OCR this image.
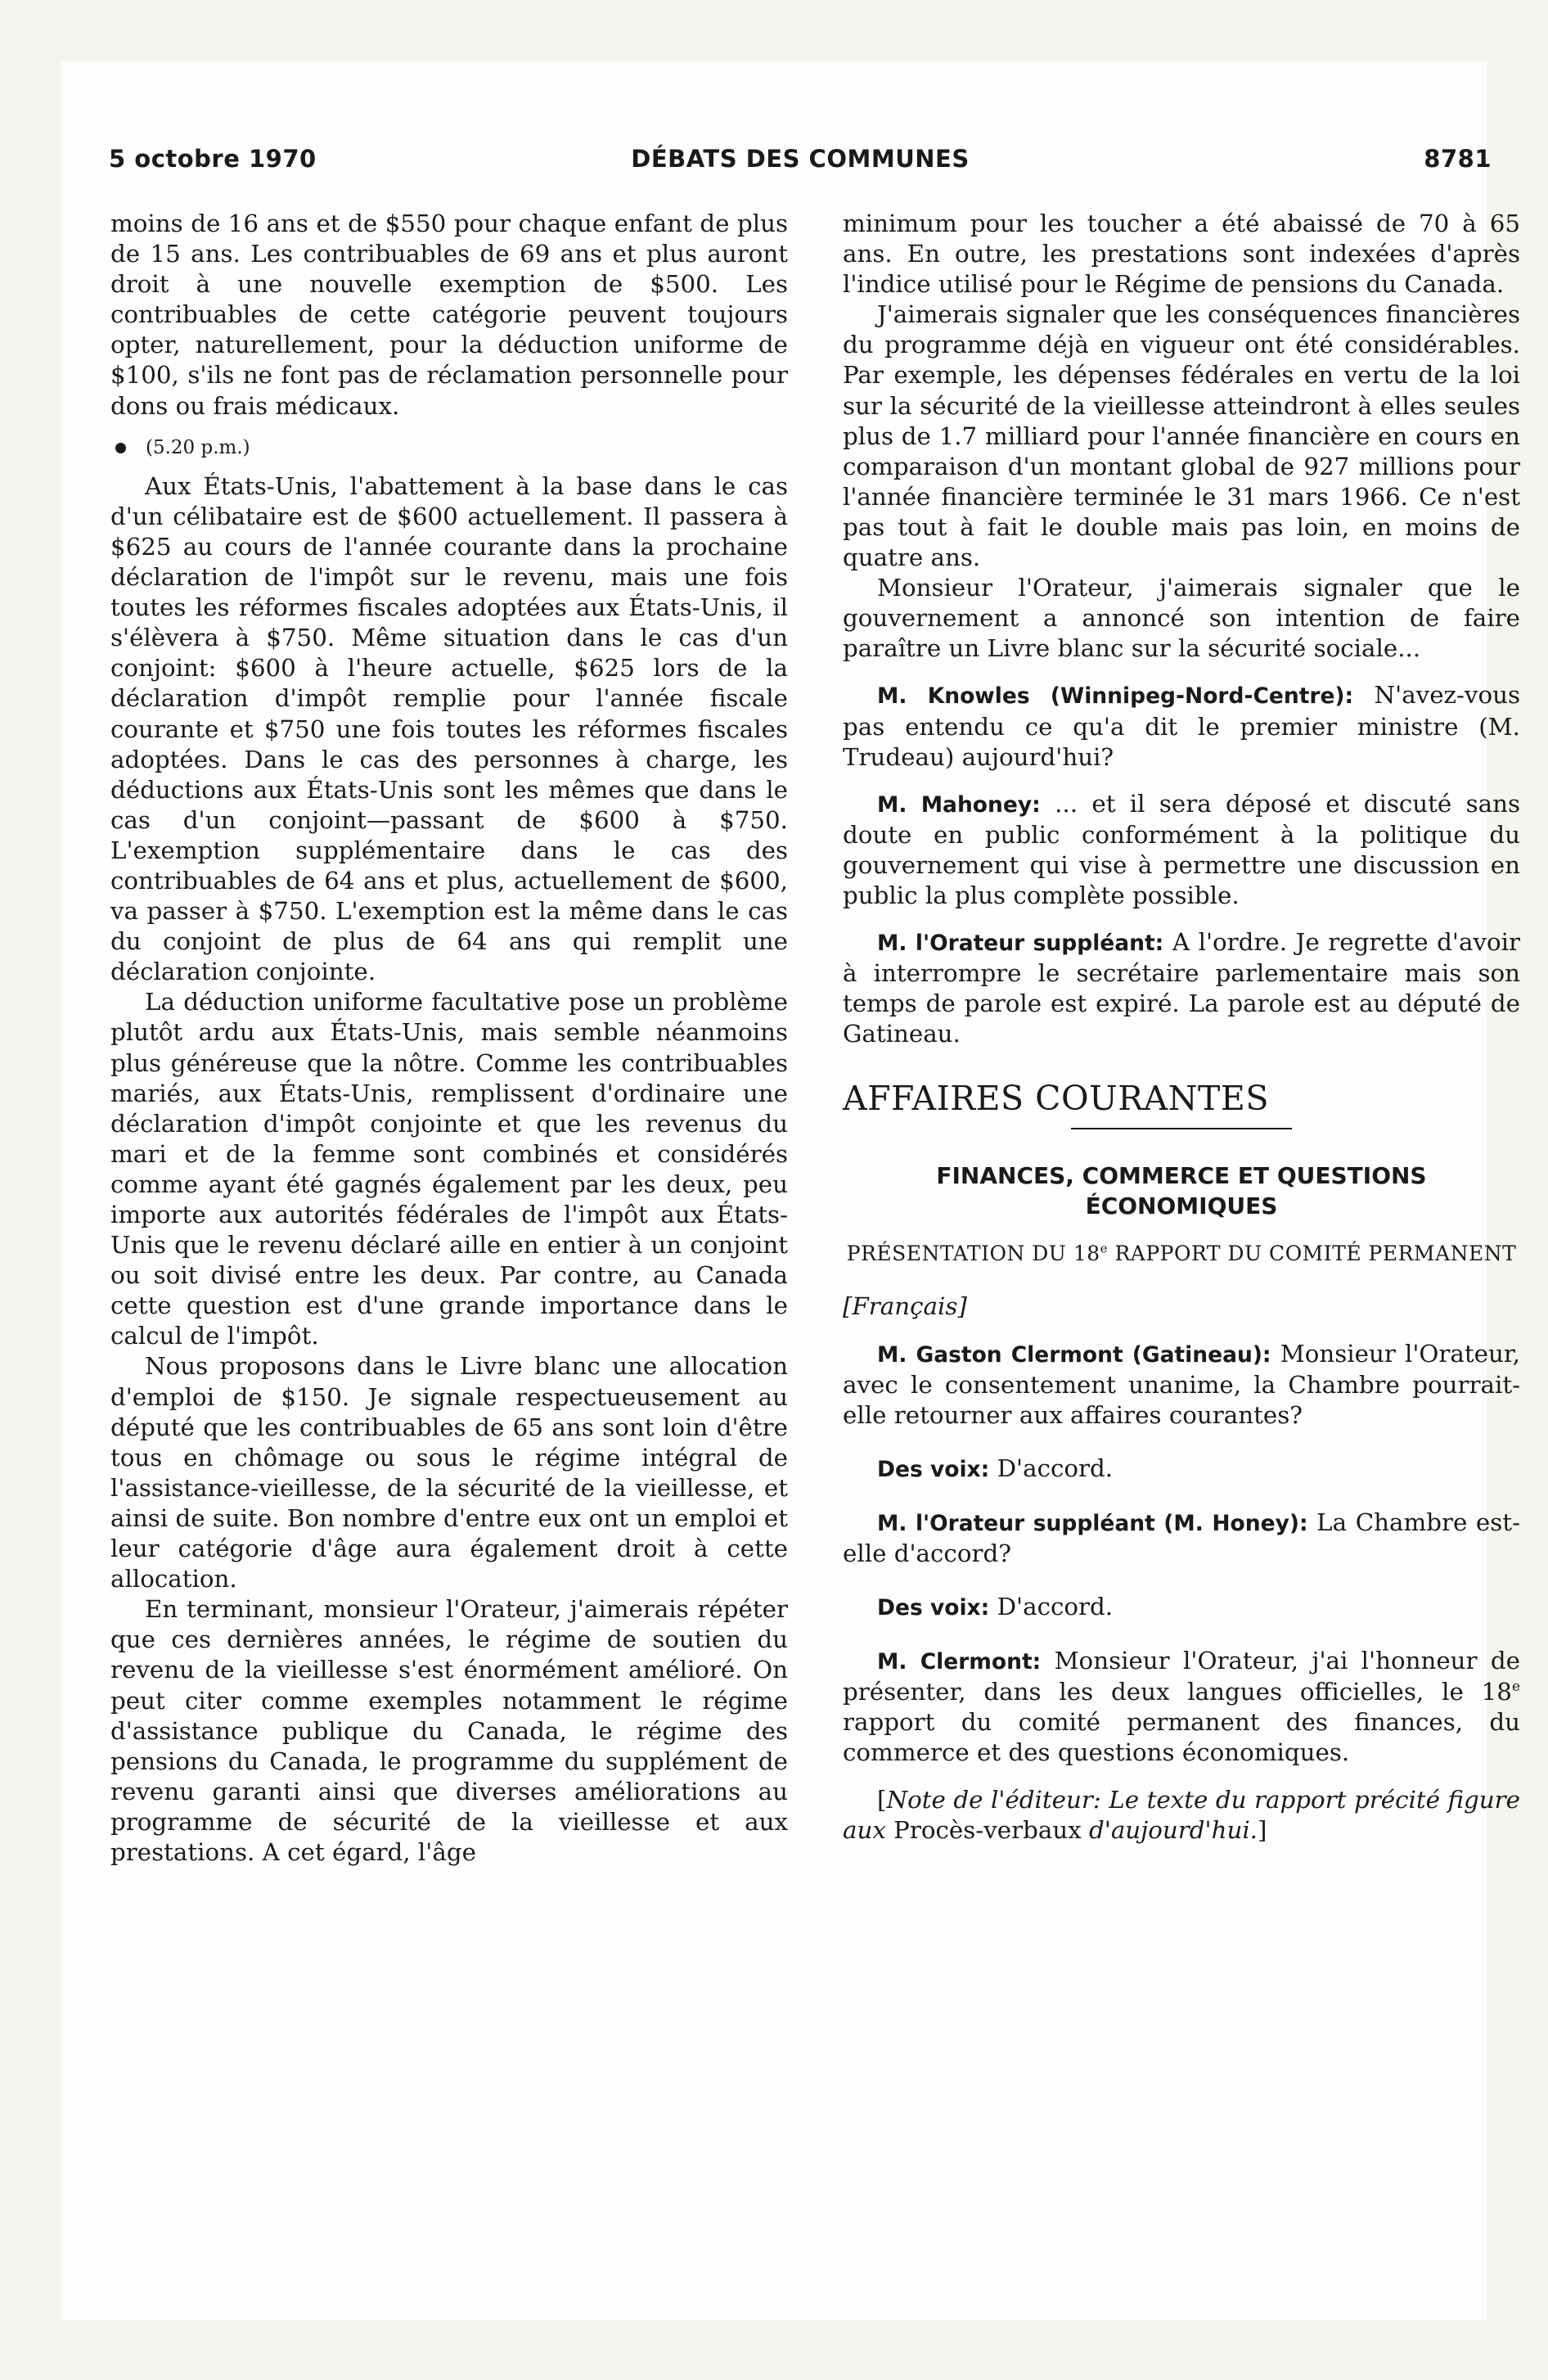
5 octobre 1970	DÉBATS DES COMMUNES	8781

moins de 16 ans et de $550 pour chaque enfant de plus de 15 ans. Les contribuables de 69 ans et plus auront droit à une nouvelle exemption de $500. Les contribuables de cette catégorie peuvent toujours opter, naturellement, pour la déduction uniforme de $100, s'ils ne font pas de réclamation personnelle pour dons ou frais médicaux.

(5.20 p.m.)

Aux États-Unis, l'abattement à la base dans le cas d'un célibataire est de $600 actuellement. Il passera à $625 au cours de l'année courante dans la prochaine déclaration de l'impôt sur le revenu, mais une fois toutes les réformes fiscales adoptées aux États-Unis, il s'élèvera à $750. Même situation dans le cas d'un conjoint: $600 à l'heure actuelle, $625 lors de la déclaration d'impôt remplie pour l'année fiscale courante et $750 une fois toutes les réformes fiscales adoptées. Dans le cas des personnes à charge, les déductions aux États-Unis sont les mêmes que dans le cas d'un conjoint—passant de $600 à $750. L'exemption supplémentaire dans le cas des contribuables de 64 ans et plus, actuellement de $600, va passer à $750. L'exemption est la même dans le cas du conjoint de plus de 64 ans qui remplit une déclaration conjointe.

La déduction uniforme facultative pose un problème plutôt ardu aux États-Unis, mais semble néanmoins plus généreuse que la nôtre. Comme les contribuables mariés, aux États-Unis, remplissent d'ordinaire une déclaration d'impôt conjointe et que les revenus du mari et de la femme sont combinés et considérés comme ayant été gagnés également par les deux, peu importe aux autorités fédérales de l'impôt aux États-Unis que le revenu déclaré aille en entier à un conjoint ou soit divisé entre les deux. Par contre, au Canada cette question est d'une grande importance dans le calcul de l'impôt.

Nous proposons dans le Livre blanc une allocation d'emploi de $150. Je signale respectueusement au député que les contribuables de 65 ans sont loin d'être tous en chômage ou sous le régime intégral de l'assistance-vieillesse, de la sécurité de la vieillesse, et ainsi de suite. Bon nombre d'entre eux ont un emploi et leur catégorie d'âge aura également droit à cette allocation.

En terminant, monsieur l'Orateur, j'aimerais répéter que ces dernières années, le régime de soutien du revenu de la vieillesse s'est énormément amélioré. On peut citer comme exemples notamment le régime d'assistance publique du Canada, le régime des pensions du Canada, le programme du supplément de revenu garanti ainsi que diverses améliorations au programme de sécurité de la vieillesse et aux prestations. A cet égard, l'âge

minimum pour les toucher a été abaissé de 70 à 65 ans. En outre, les prestations sont indexées d'après l'indice utilisé pour le Régime de pensions du Canada.

J'aimerais signaler que les conséquences financières du programme déjà en vigueur ont été considérables. Par exemple, les dépenses fédérales en vertu de la loi sur la sécurité de la vieillesse atteindront à elles seules plus de 1.7 milliard pour l'année financière en cours en comparaison d'un montant global de 927 millions pour l'année financière terminée le 31 mars 1966. Ce n'est pas tout à fait le double mais pas loin, en moins de quatre ans.

Monsieur l'Orateur, j'aimerais signaler que le gouvernement a annoncé son intention de faire paraître un Livre blanc sur la sécurité sociale...

M. Knowles (Winnipeg-Nord-Centre): N'avez-vous pas entendu ce qu'a dit le premier ministre (M. Trudeau) aujourd'hui?

M. Mahoney: ... et il sera déposé et discuté sans doute en public conformément à la politique du gouvernement qui vise à permettre une discussion en public la plus complète possible.

M. l'Orateur suppléant: A l'ordre. Je regrette d'avoir à interrompre le secrétaire parlementaire mais son temps de parole est expiré. La parole est au député de Gatineau.

AFFAIRES COURANTES

FINANCES, COMMERCE ET QUESTIONS ÉCONOMIQUES

PRÉSENTATION DU 18e RAPPORT DU COMITÉ PERMANENT

[Français]

M. Gaston Clermont (Gatineau): Monsieur l'Orateur, avec le consentement unanime, la Chambre pourrait-elle retourner aux affaires courantes?

Des voix: D'accord.

M. l'Orateur suppléant (M. Honey): La Chambre est-elle d'accord?

Des voix: D'accord.

M. Clermont: Monsieur l'Orateur, j'ai l'honneur de présenter, dans les deux langues officielles, le 18e rapport du comité permanent des finances, du commerce et des questions économiques.

[Note de l'éditeur: Le texte du rapport précité figure aux Procès-verbaux d'aujourd'hui.]
